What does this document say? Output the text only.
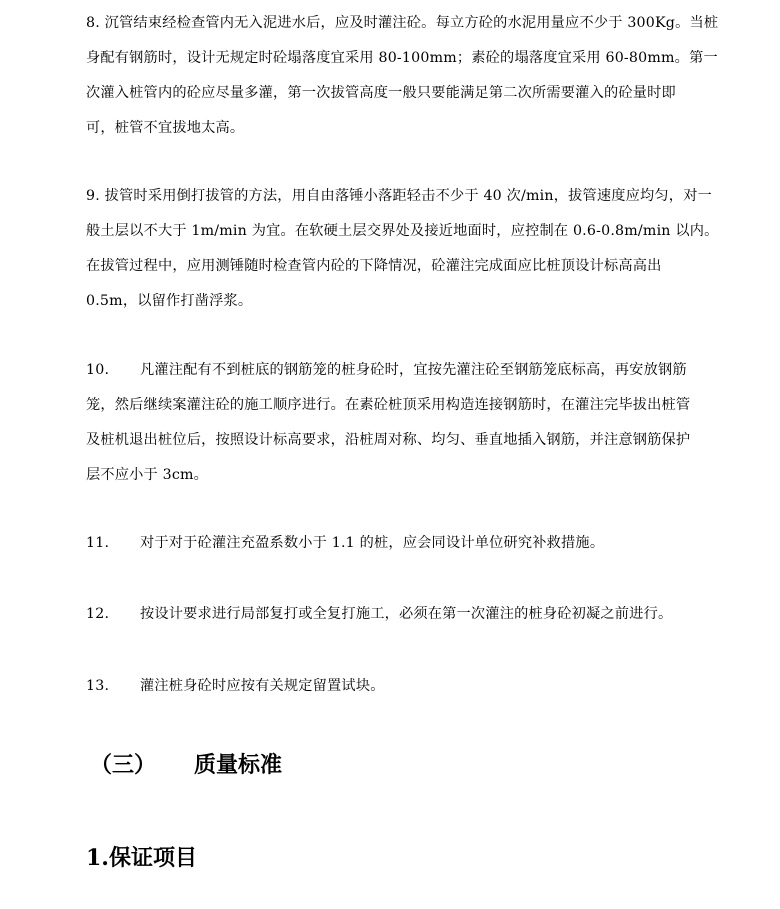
8. 沉管结束经检查管内无入泥进水后，应及时灌注砼。每立方砼的水泥用量应不少于 300Kg。当桩
身配有钢筋时，设计无规定时砼塌落度宜采用 80-100mm；素砼的塌落度宜采用 60-80mm。第一
次灌入桩管内的砼应尽量多灌，第一次拔管高度一般只要能满足第二次所需要灌入的砼量时即
可，桩管不宜拔地太高。
9. 拔管时采用倒打拔管的方法，用自由落锤小落距轻击不少于 40 次/min，拔管速度应均匀，对一
般土层以不大于 1m/min 为宜。在软硬土层交界处及接近地面时，应控制在 0.6-0.8m/min 以内。
在拔管过程中，应用测锤随时检查管内砼的下降情况，砼灌注完成面应比桩顶设计标高高出
0.5m，以留作打凿浮浆。
10. 凡灌注配有不到桩底的钢筋笼的桩身砼时，宜按先灌注砼至钢筋笼底标高，再安放钢筋
笼，然后继续案灌注砼的施工顺序进行。在素砼桩顶采用构造连接钢筋时，在灌注完毕拔出桩管
及桩机退出桩位后，按照设计标高要求，沿桩周对称、均匀、垂直地插入钢筋，并注意钢筋保护
层不应小于 3cm。
11. 对于对于砼灌注充盈系数小于 1.1 的桩，应会同设计单位研究补救措施。
12. 按设计要求进行局部复打或全复打施工，必须在第一次灌注的桩身砼初凝之前进行。
13. 灌注桩身砼时应按有关规定留置试块。
（三） 质量标准
1.保证项目
